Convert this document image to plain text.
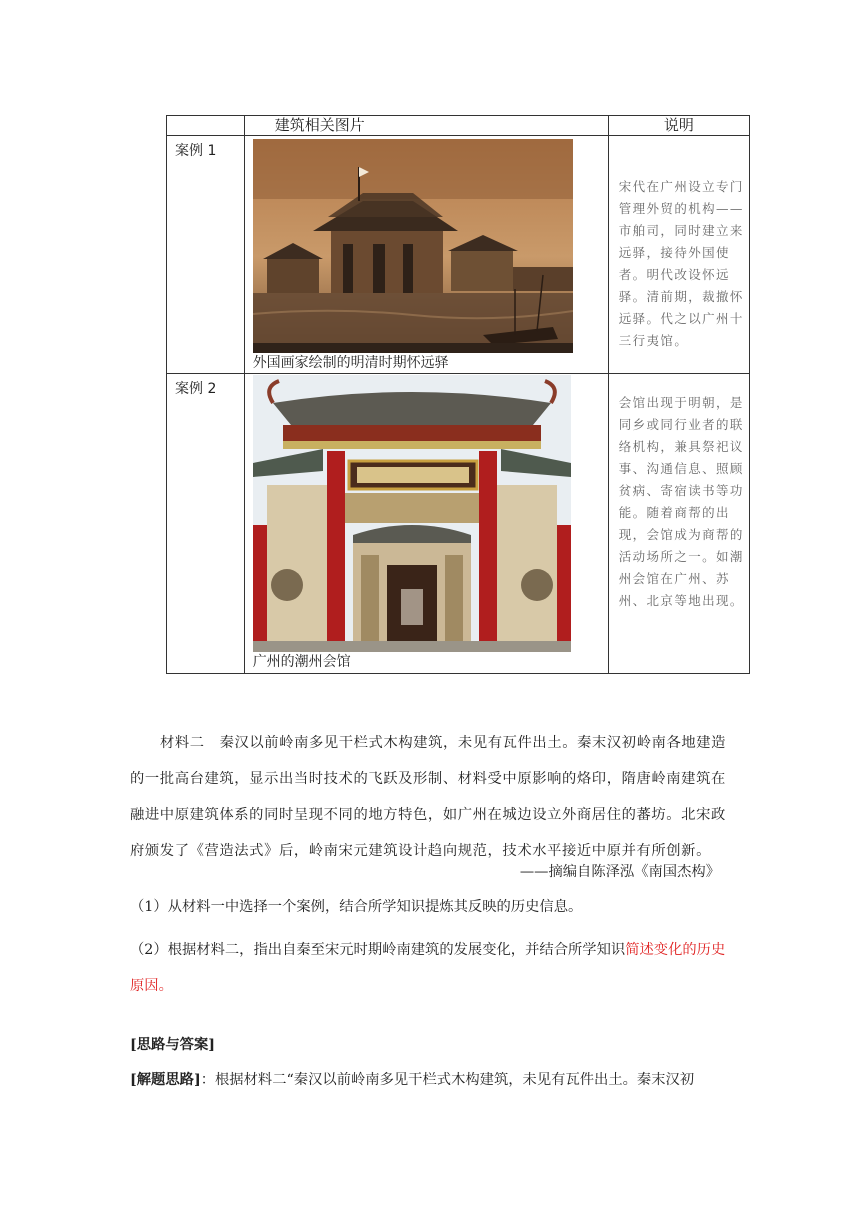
	建筑相关图片	说明
案例 1	外国画家绘制的明清时期怀远驿	宋代在广州设立专门管理外贸的机构——市舶司，同时建立来远驿，接待外国使者。明代改设怀远驿。清前期，裁撤怀远驿。代之以广州十三行夷馆。
案例 2	广州的潮州会馆	会馆出现于明朝，是同乡或同行业者的联络机构，兼具祭祀议事、沟通信息、照顾贫病、寄宿读书等功能。随着商帮的出现，会馆成为商帮的活动场所之一。如潮州会馆在广州、苏州、北京等地出现。
材料二　秦汉以前岭南多见干栏式木构建筑，未见有瓦件出土。秦末汉初岭南各地建造的一批高台建筑，显示出当时技术的飞跃及形制、材料受中原影响的烙印，隋唐岭南建筑在融进中原建筑体系的同时呈现不同的地方特色，如广州在城边设立外商居住的蕃坊。北宋政府颁发了《营造法式》后，岭南宋元建筑设计趋向规范，技术水平接近中原并有所创新。
——摘编自陈泽泓《南国杰构》
（1）从材料一中选择一个案例，结合所学知识提炼其反映的历史信息。
（2）根据材料二，指出自秦至宋元时期岭南建筑的发展变化，并结合所学知识简述变化的历史原因。
[思路与答案]
[解题思路]：根据材料二“秦汉以前岭南多见干栏式木构建筑，未见有瓦件出土。秦末汉初
